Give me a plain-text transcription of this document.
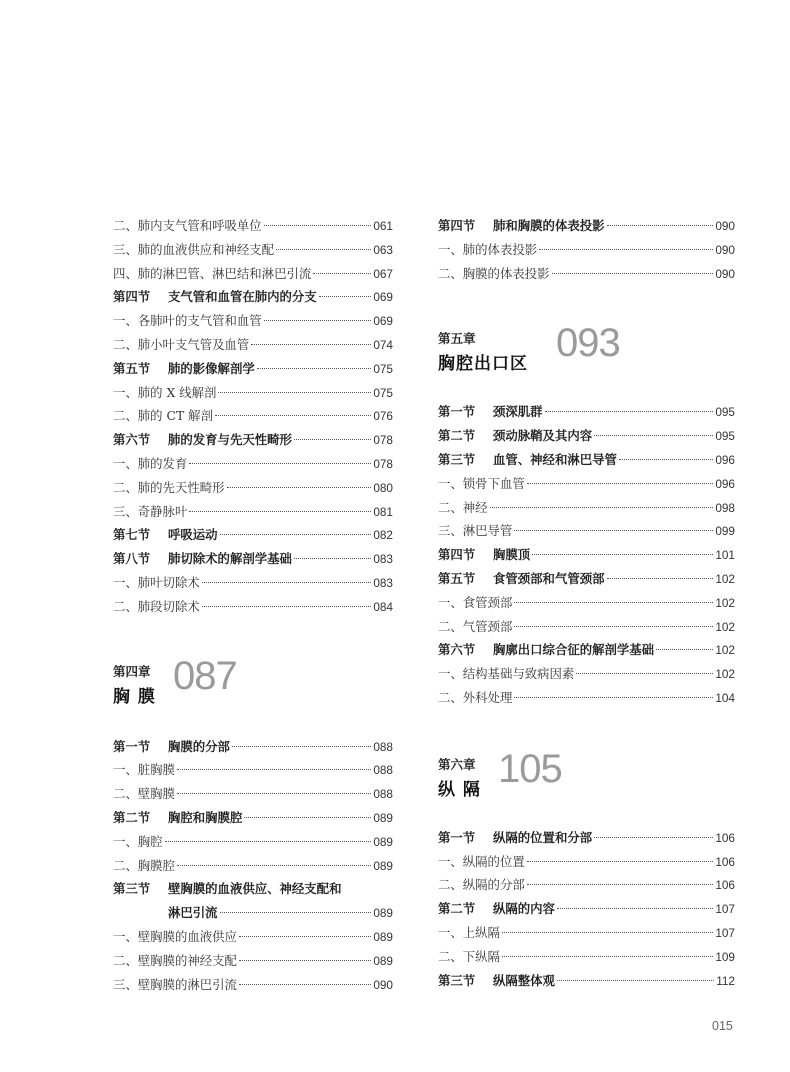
二、肺内支气管和呼吸单位	061
三、肺的血液供应和神经支配	063
四、肺的淋巴管、淋巴结和淋巴引流	067
第四节 支气管和血管在肺内的分支	069
一、各肺叶的支气管和血管	069
二、肺小叶支气管及血管	074
第五节 肺的影像解剖学	075
一、肺的 X 线解剖	075
二、肺的 CT 解剖	076
第六节 肺的发育与先天性畸形	078
一、肺的发育	078
二、肺的先天性畸形	080
三、奇静脉叶	081
第七节 呼吸运动	082
第八节 肺切除术的解剖学基础	083
一、肺叶切除术	083
二、肺段切除术	084
第四章
胸 膜 087
第一节 胸膜的分部	088
一、脏胸膜	088
二、壁胸膜	088
第二节 胸腔和胸膜腔	089
一、胸腔	089
二、胸膜腔	089
第三节 壁胸膜的血液供应、神经支配和
淋巴引流	089
一、壁胸膜的血液供应	089
二、壁胸膜的神经支配	089
三、壁胸膜的淋巴引流	090
第四节 肺和胸膜的体表投影	090
一、肺的体表投影	090
二、胸膜的体表投影	090
第五章
胸腔出口区 093
第一节 颈深肌群	095
第二节 颈动脉鞘及其内容	095
第三节 血管、神经和淋巴导管	096
一、锁骨下血管	096
二、神经	098
三、淋巴导管	099
第四节 胸膜顶	101
第五节 食管颈部和气管颈部	102
一、食管颈部	102
二、气管颈部	102
第六节 胸廓出口综合征的解剖学基础	102
一、结构基础与致病因素	102
二、外科处理	104
第六章
纵 隔 105
第一节 纵隔的位置和分部	106
一、纵隔的位置	106
二、纵隔的分部	106
第二节 纵隔的内容	107
一、上纵隔	107
二、下纵隔	109
第三节 纵隔整体观	112
015
